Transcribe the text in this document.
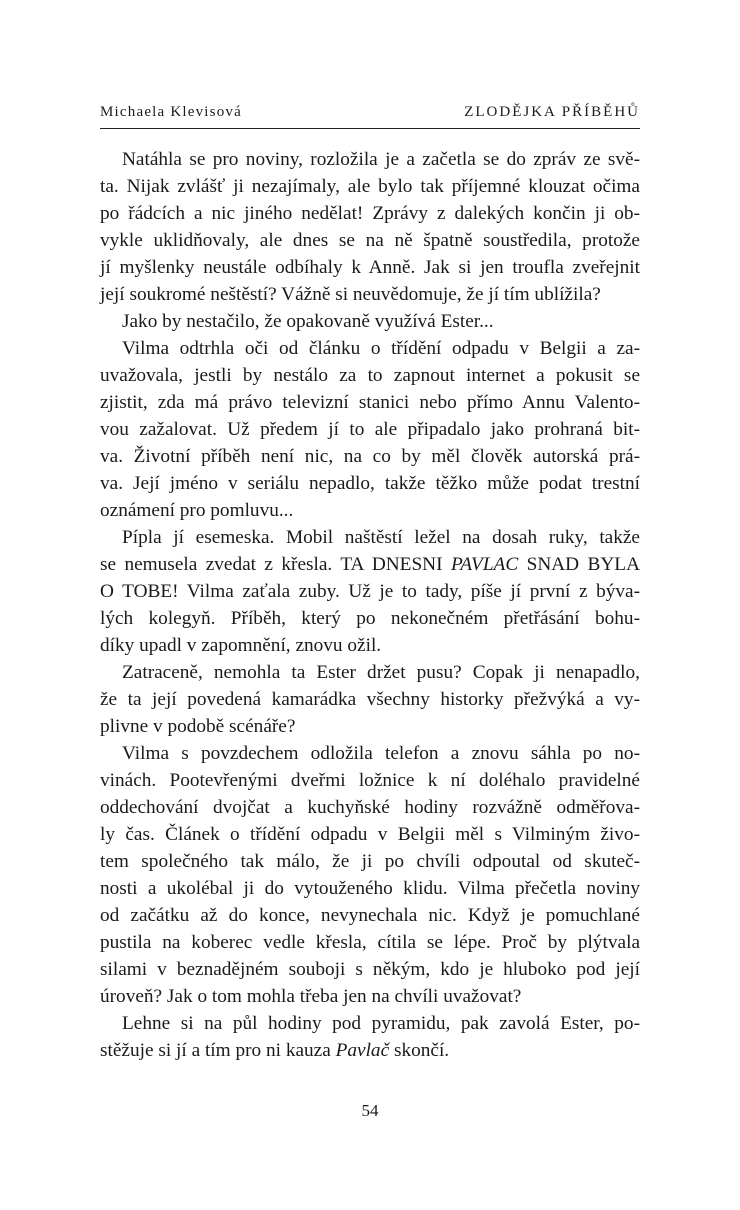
Michaela Klevisová	ZLODĚJKA PŘÍBĚHŮ
Natáhla se pro noviny, rozložila je a začetla se do zpráv ze svě-
ta. Nijak zvlášť ji nezajímaly, ale bylo tak příjemné klouzat očima
po řádcích a nic jiného nedělat! Zprávy z dalekých končin ji ob-
vykle uklidňovaly, ale dnes se na ně špatně soustředila, protože
jí myšlenky neustále odbíhaly k Anně. Jak si jen troufla zveřejnit
její soukromé neštěstí? Vážně si neuvědomuje, že jí tím ublížila?
Jako by nestačilo, že opakovaně využívá Ester...
Vilma odtrhla oči od článku o třídění odpadu v Belgii a za-
uvažovala, jestli by nestálo za to zapnout internet a pokusit se
zjistit, zda má právo televizní stanici nebo přímo Annu Valento-
vou zažalovat. Už předem jí to ale připadalo jako prohraná bit-
va. Životní příběh není nic, na co by měl člověk autorská prá-
va. Její jméno v seriálu nepadlo, takže těžko může podat trestní
oznámení pro pomluvu...
Pípla jí esemeska. Mobil naštěstí ležel na dosah ruky, takže
se nemusela zvedat z křesla. TA DNESNI PAVLAC SNAD BYLA
O TOBE! Vilma zaťala zuby. Už je to tady, píše jí první z býva-
lých kolegyň. Příběh, který po nekonečném přetřásání bohu-
díky upadl v zapomnění, znovu ožil.
Zatraceně, nemohla ta Ester držet pusu? Copak ji nenapadlo,
že ta její povedená kamarádka všechny historky přežvýká a vy-
plivne v podobě scénáře?
Vilma s povzdechem odložila telefon a znovu sáhla po no-
vinách. Pootevřenými dveřmi ložnice k ní doléhalo pravidelné
oddechování dvojčat a kuchyňské hodiny rozvážně odměřova-
ly čas. Článek o třídění odpadu v Belgii měl s Vilminým živo-
tem společného tak málo, že ji po chvíli odpoutal od skuteč-
nosti a ukolébal ji do vytouženého klidu. Vilma přečetla noviny
od začátku až do konce, nevynechala nic. Když je pomuchlané
pustila na koberec vedle křesla, cítila se lépe. Proč by plýtvala
silami v beznadějném souboji s někým, kdo je hluboko pod její
úroveň? Jak o tom mohla třeba jen na chvíli uvažovat?
Lehne si na půl hodiny pod pyramidu, pak zavolá Ester, po-
stěžuje si jí a tím pro ni kauza Pavlač skončí.
54
